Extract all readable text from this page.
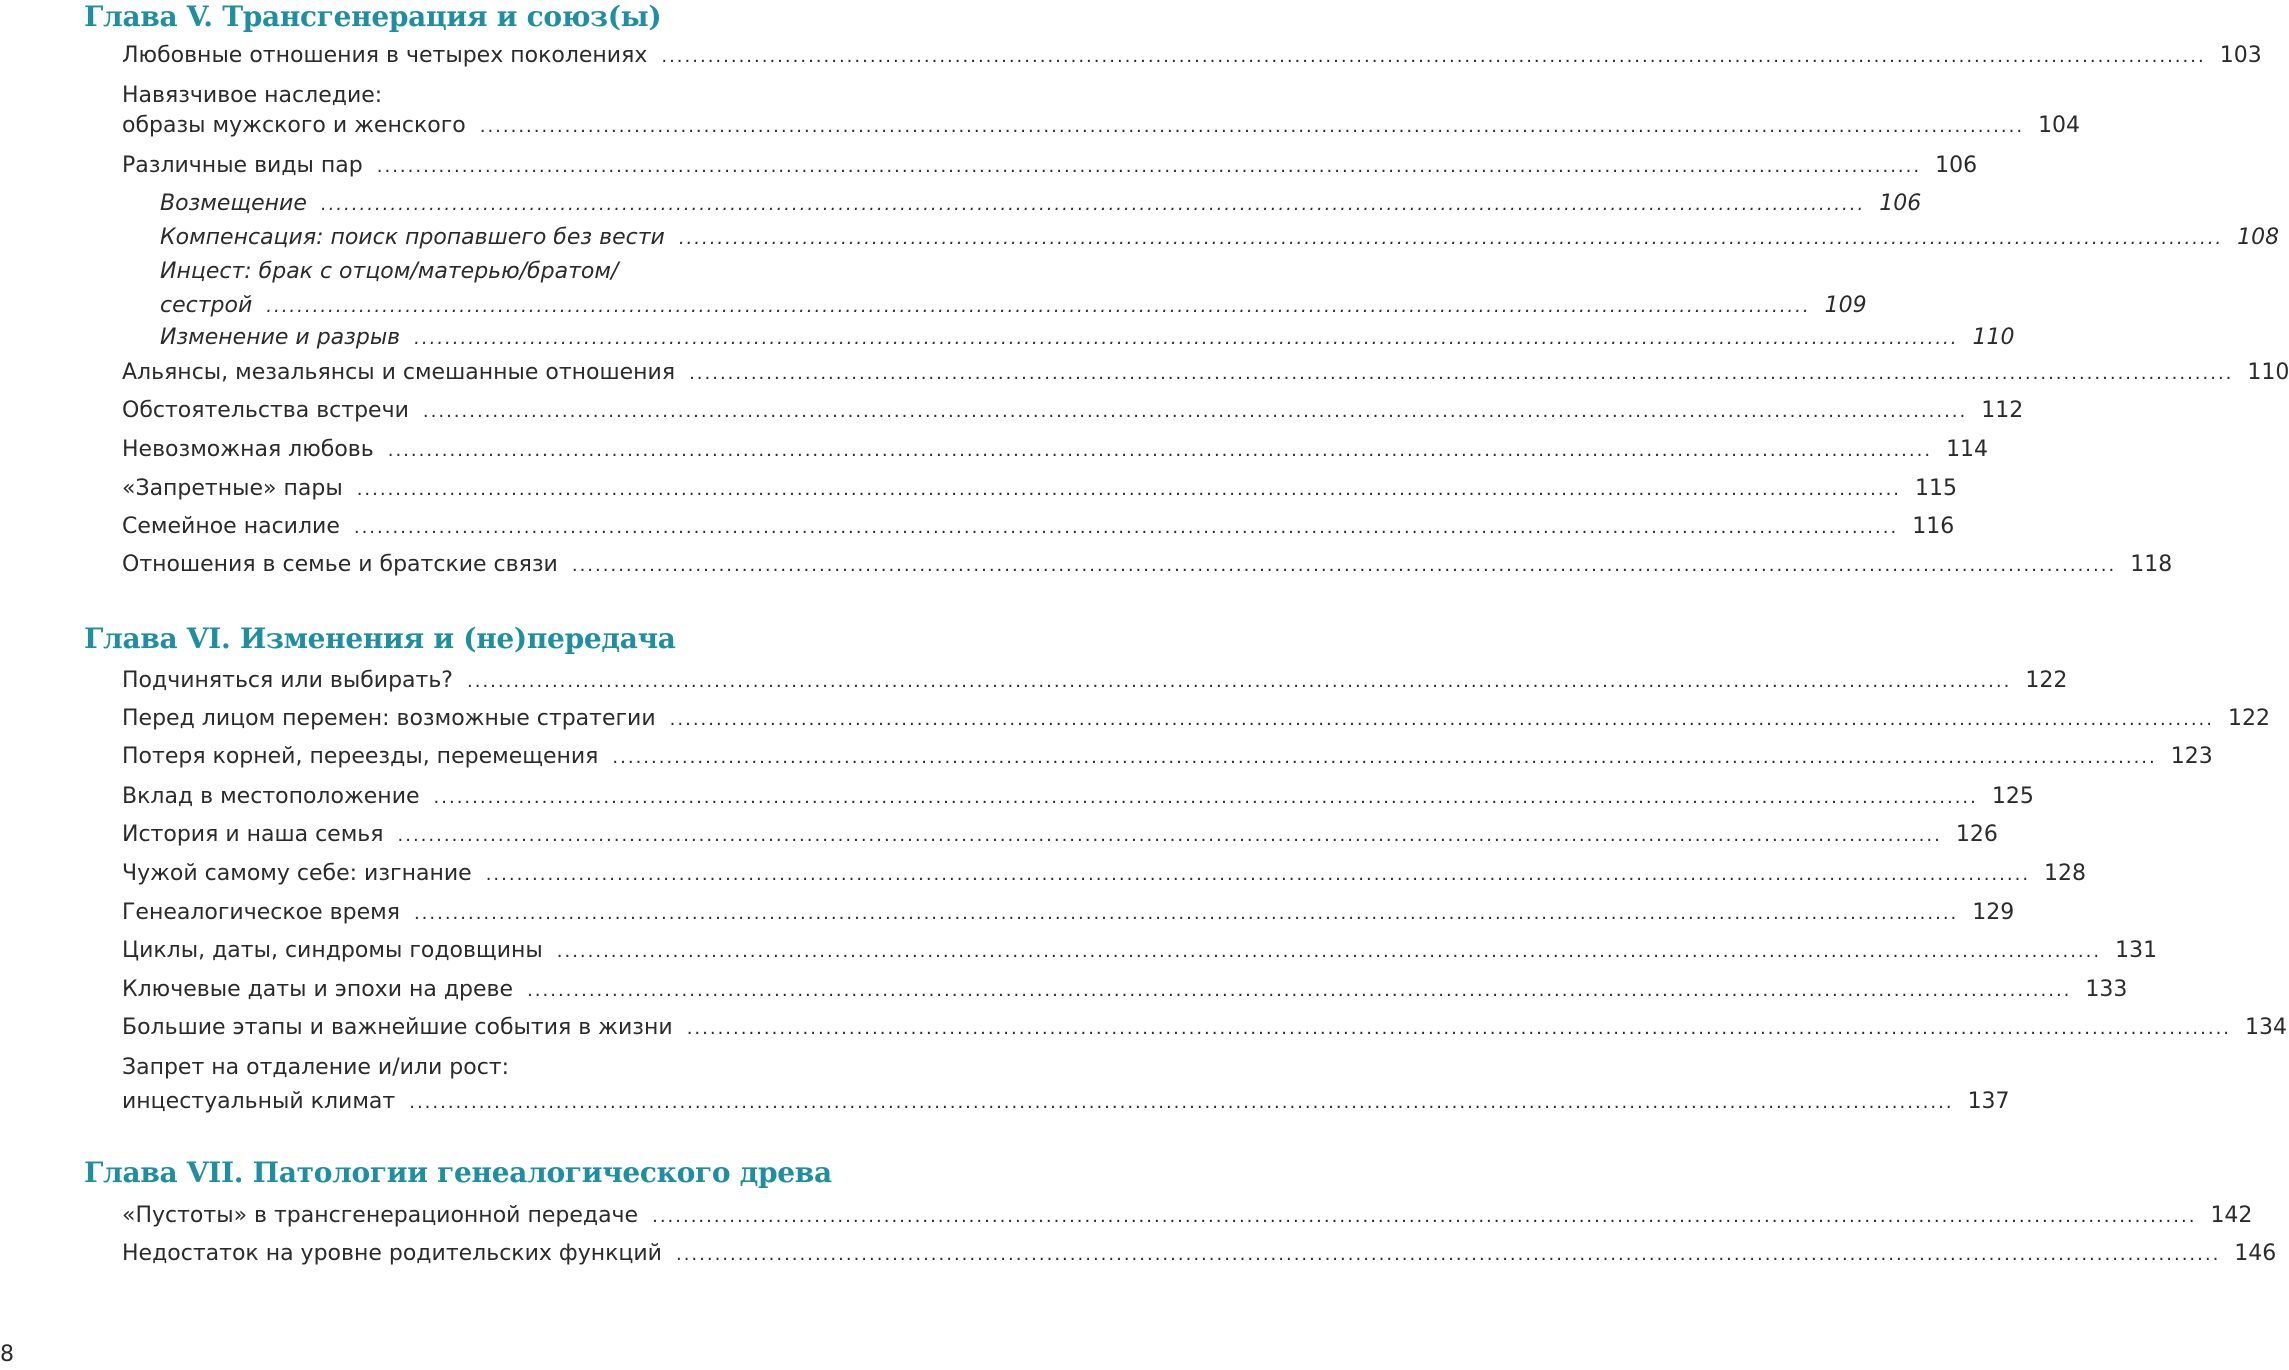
Глава V. Трансгенерация и союз(ы)
Любовные отношения в четырех поколениях ........................................................................................................................................................................................................ 103
Навязчивое наследие:
образы мужского и женского ........................................................................................................................................................................................................ 104
Различные виды пар ........................................................................................................................................................................................................ 106
Возмещение ........................................................................................................................................................................................................ 106
Компенсация: поиск пропавшего без вести ........................................................................................................................................................................................................ 108
Инцест: брак с отцом/матерью/братом/
сестрой ........................................................................................................................................................................................................ 109
Изменение и разрыв ........................................................................................................................................................................................................ 110
Альянсы, мезальянсы и смешанные отношения ........................................................................................................................................................................................................ 110
Обстоятельства встречи ........................................................................................................................................................................................................ 112
Невозможная любовь ........................................................................................................................................................................................................ 114
«Запретные» пары ........................................................................................................................................................................................................ 115
Семейное насилие ........................................................................................................................................................................................................ 116
Отношения в семье и братские связи ........................................................................................................................................................................................................ 118
Глава VI. Изменения и (не)передача
Подчиняться или выбирать? ........................................................................................................................................................................................................ 122
Перед лицом перемен: возможные стратегии ........................................................................................................................................................................................................ 122
Потеря корней, переезды, перемещения ........................................................................................................................................................................................................ 123
Вклад в местоположение ........................................................................................................................................................................................................ 125
История и наша семья ........................................................................................................................................................................................................ 126
Чужой самому себе: изгнание ........................................................................................................................................................................................................ 128
Генеалогическое время ........................................................................................................................................................................................................ 129
Циклы, даты, синдромы годовщины ........................................................................................................................................................................................................ 131
Ключевые даты и эпохи на древе ........................................................................................................................................................................................................ 133
Большие этапы и важнейшие события в жизни ........................................................................................................................................................................................................ 134
Запрет на отдаление и/или рост:
инцестуальный климат ........................................................................................................................................................................................................ 137
Глава VII. Патологии генеалогического древа
«Пустоты» в трансгенерационной передаче ........................................................................................................................................................................................................ 142
Недостаток на уровне родительских функций ........................................................................................................................................................................................................ 146
8
